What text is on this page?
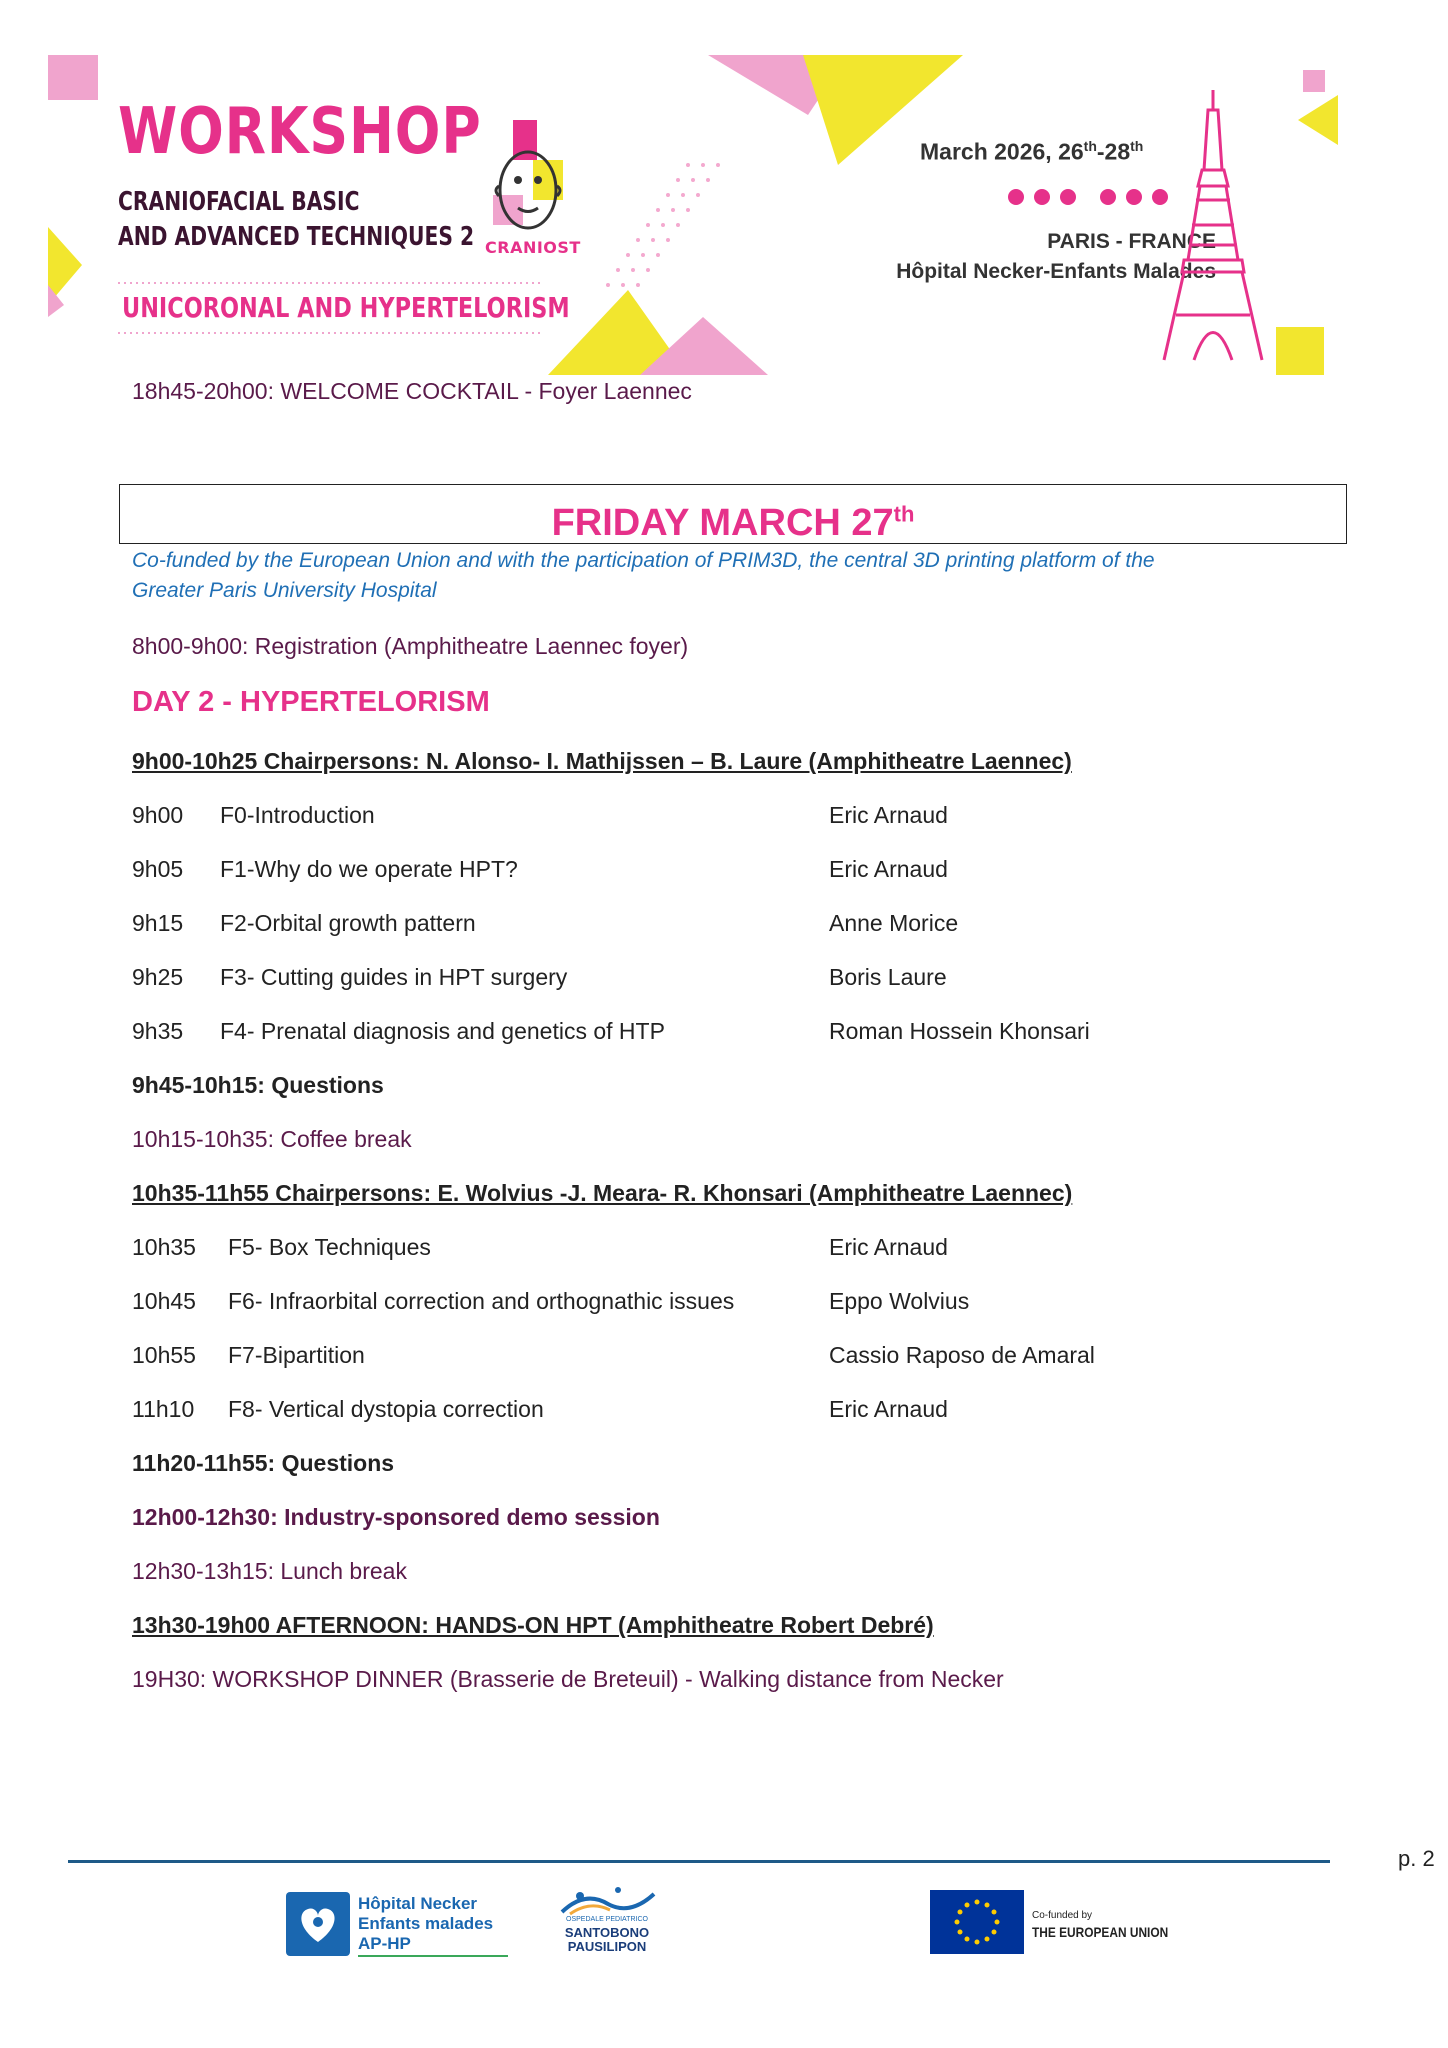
WORKSHOP
CRANIOFACIAL BASIC
AND ADVANCED TECHNIQUES 2
UNICORONAL AND HYPERTELORISM
CRANIOST
March 2026, 26th-28th
PARIS - FRANCE
Hôpital Necker-Enfants Malades
18h45-20h00: WELCOME COCKTAIL - Foyer Laennec
FRIDAY MARCH 27th
Co-funded by the European Union and with the participation of PRIM3D, the central 3D printing platform of the
Greater Paris University Hospital
8h00-9h00: Registration (Amphitheatre Laennec foyer)
DAY 2 - HYPERTELORISM
9h00-10h25 Chairpersons: N. Alonso- I. Mathijssen – B. Laure (Amphitheatre Laennec)
9h00 F0-Introduction	Eric Arnaud
9h05 F1-Why do we operate HPT?	Eric Arnaud
9h15 F2-Orbital growth pattern	Anne Morice
9h25 F3- Cutting guides in HPT surgery	Boris Laure
9h35 F4- Prenatal diagnosis and genetics of HTP	Roman Hossein Khonsari
9h45-10h15: Questions
10h15-10h35: Coffee break
10h35-11h55 Chairpersons: E. Wolvius -J. Meara- R. Khonsari (Amphitheatre Laennec)
10h35 F5- Box Techniques	Eric Arnaud
10h45 F6- Infraorbital correction and orthognathic issues	Eppo Wolvius
10h55 F7-Bipartition	Cassio Raposo de Amaral
11h10 F8- Vertical dystopia correction	Eric Arnaud
11h20-11h55: Questions
12h00-12h30: Industry-sponsored demo session
12h30-13h15: Lunch break
13h30-19h00 AFTERNOON: HANDS-ON HPT (Amphitheatre Robert Debré)
19H30: WORKSHOP DINNER (Brasserie de Breteuil) - Walking distance from Necker
p. 2
Hôpital Necker
Enfants malades
AP-HP
OSPEDALE PEDIATRICO
SANTOBONO
PAUSILIPON
Co-funded by
THE EUROPEAN UNION
